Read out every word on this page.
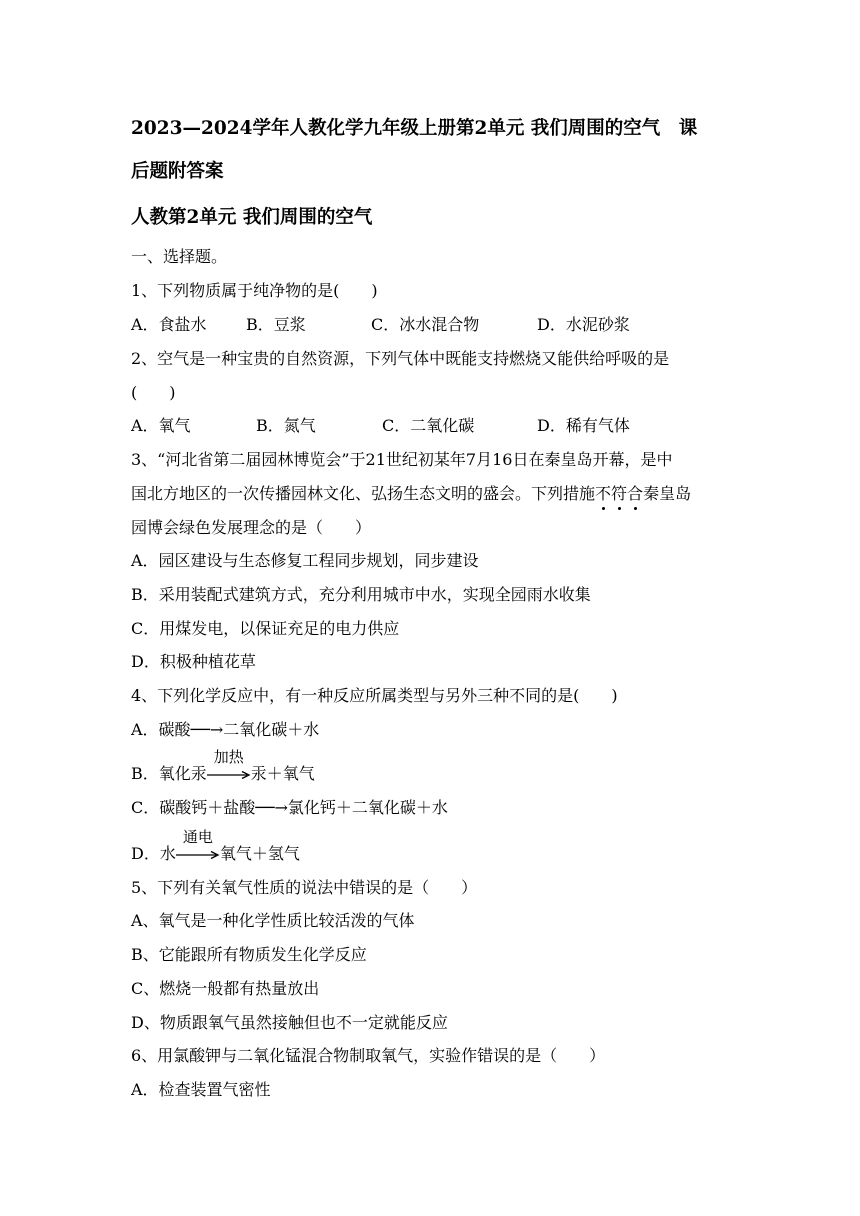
2023—2024学年人教化学九年级上册第2单元 我们周围的空气　课
后题附答案
人教第2单元 我们周围的空气
一、选择题。
1、下列物质属于纯净物的是(　　)
A．食盐水 B．豆浆	C．冰水混合物	D．水泥砂浆
2、空气是一种宝贵的自然资源，下列气体中既能支持燃烧又能供给呼吸的是
(　　)
A．氧气	B．氮气	C．二氧化碳	D．稀有气体
3、“河北省第二届园林博览会”于21世纪初某年7月16日在秦皇岛开幕，是中
国北方地区的一次传播园林文化、弘扬生态文明的盛会。下列措施不符合秦皇岛
园博会绿色发展理念的是（　　）
A．园区建设与生态修复工程同步规划，同步建设
B．采用装配式建筑方式，充分利用城市中水，实现全园雨水收集
C．用煤发电，以保证充足的电力供应
D．积极种植花草
4、下列化学反应中，有一种反应所属类型与另外三种不同的是(　　)
A．碳酸──→二氧化碳＋水
B．氧化汞
加热
汞＋氧气
C．碳酸钙＋盐酸──→氯化钙＋二氧化碳＋水
D．水
通电
氧气＋氢气
5、下列有关氧气性质的说法中错误的是（　　）
A、氧气是一种化学性质比较活泼的气体
B、它能跟所有物质发生化学反应
C、燃烧一般都有热量放出
D、物质跟氧气虽然接触但也不一定就能反应
6、用氯酸钾与二氧化锰混合物制取氧气，实验作错误的是（　　）
A．检查装置气密性
